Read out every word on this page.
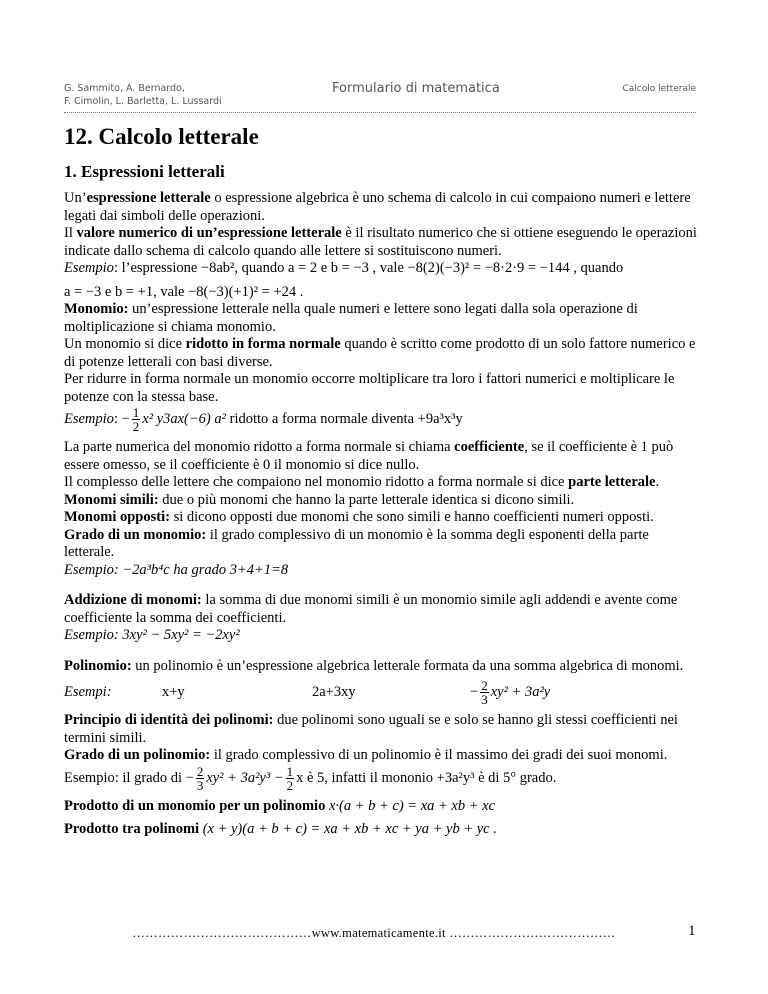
G. Sammito, A. Bernardo,
F. Cimolin, L. Barletta, L. Lussardi
Formulario di matematica	Calcolo letterale
12. Calcolo letterale
1. Espressioni letterali

Un’espressione letterale o espressione algebrica è uno schema di calcolo in cui compaiono numeri e lettere legati dai simboli delle operazioni.

Il valore numerico di un’espressione letterale è il risultato numerico che si ottiene eseguendo le operazioni indicate dallo schema di calcolo quando alle lettere si sostituiscono numeri.

Esempio: l’espressione −8ab², quando a = 2 e b = −3 , vale −8(2)(−3)² = −8·2·9 = −144 , quando

a = −3 e b = +1, vale −8(−3)(+1)² = +24 .

Monomio: un’espressione letterale nella quale numeri e lettere sono legati dalla sola operazione di moltiplicazione si chiama monomio.

Un monomio si dice ridotto in forma normale quando è scritto come prodotto di un solo fattore numerico e di potenze letterali con basi diverse.

Per ridurre in forma normale un monomio occorre moltiplicare tra loro i fattori numerici e moltiplicare le potenze con la stessa base.

Esempio: − $\frac{1}{2} x^2$ y3ax(−6) a² ridotto a forma normale diventa +9a³x³y

La parte numerica del monomio ridotto a forma normale si chiama coefficiente, se il coefficiente è 1 può essere omesso, se il coefficiente è 0 il monomio si dice nullo.

Il complesso delle lettere che compaiono nel monomio ridotto a forma normale si dice parte letterale.

Monomi simili: due o più monomi che hanno la parte letterale identica si dicono simili.

Monomi opposti: si dicono opposti due monomi che sono simili e hanno coefficienti numeri opposti.

Grado di un monomio: il grado complessivo di un monomio è la somma degli esponenti della parte letterale.

Esempio: −2a³b⁴c ha grado 3+4+1=8

Addizione di monomi: la somma di due monomi simili è un monomio simile agli addendi e avente come coefficiente la somma dei coefficienti.

Esempio: 3xy² − 5xy² = −2xy²

Polinomio: un polinomio è un’espressione algebrica letterale formata da una somma algebrica di monomi.

Esempi:	x+y	2a+3xy	− $\frac{2}{3} xy^2 + 3a^2y$

Principio di identità dei polinomi: due polinomi sono uguali se e solo se hanno gli stessi coefficienti nei termini simili.

Grado di un polinomio: il grado complessivo di un polinomio è il massimo dei gradi dei suoi monomi.

Esempio: il grado di − $\frac{2}{3} xy^2 + 3a^2y^3 - \frac{1}{2}$ x è 5, infatti il mononio +3a²y³ è di 5° grado.

Prodotto di un monomio per un polinomio x·(a + b + c) = xa + xb + xc

Prodotto tra polinomi (x + y)(a + b + c) = xa + xb + xc + ya + yb + yc .

……………………………………www.matematicamente.it …………………………………	1
